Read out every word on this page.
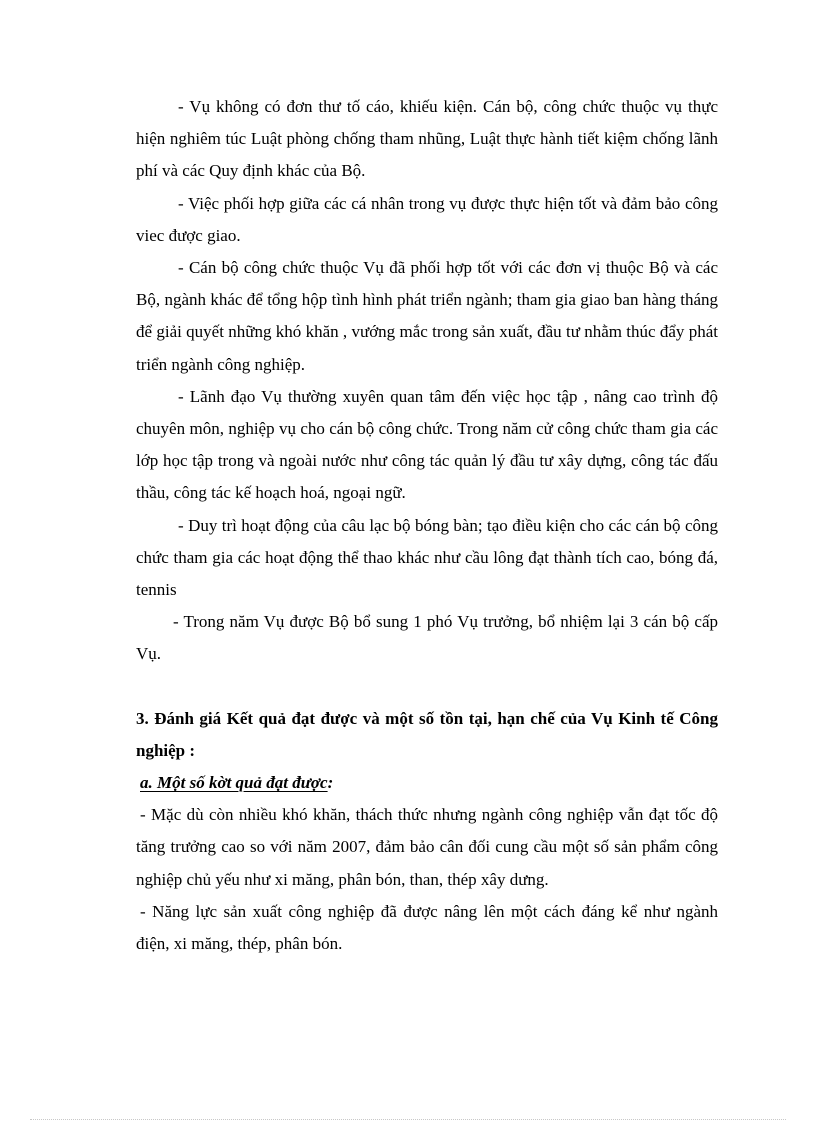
- Vụ không có đơn thư tố cáo, khiếu kiện. Cán bộ, công chức thuộc vụ thực hiện nghiêm túc Luật phòng chống tham nhũng, Luật thực hành tiết kiệm chống lãnh phí và các Quy định khác của Bộ.

- Việc phối hợp giữa các cá nhân trong vụ được thực hiện tốt và đảm bảo công viec được giao.

- Cán bộ công chức thuộc Vụ đã phối hợp tốt với các đơn vị thuộc Bộ và các Bộ, ngành khác để tổng hộp tình hình phát triển ngành; tham gia giao ban hàng tháng để giải quyết những khó khăn , vướng mắc trong sản xuất, đầu tư nhằm thúc đẩy phát triển ngành công nghiệp.

- Lãnh đạo Vụ thường xuyên quan tâm đến việc học tập , nâng cao trình độ chuyên môn, nghiệp vụ cho cán bộ công chức. Trong năm cử công chức tham gia các lớp học tập trong và ngoài nước như công tác quản lý đầu tư xây dựng, công tác đấu thầu, công tác kế hoạch hoá, ngoại ngữ.

- Duy trì hoạt động của câu lạc bộ bóng bàn; tạo điều kiện cho các cán bộ công chức tham gia các hoạt động thể thao khác như cầu lông đạt thành tích cao, bóng đá, tennis

- Trong năm Vụ được Bộ bổ sung 1 phó Vụ trưởng, bổ nhiệm lại 3 cán bộ cấp Vụ.

3. Đánh giá Kết quả đạt được và một số tồn tại, hạn chế của Vụ Kinh tế Công nghiệp :

a. Một số kờt quả đạt được:

- Mặc dù còn nhiều khó khăn, thách thức nhưng ngành công nghiệp vẫn đạt tốc độ tăng trưởng cao so với năm 2007, đảm bảo cân đối cung cầu một số sản phẩm công nghiệp chủ yếu như xi măng, phân bón, than, thép xây dưng.

- Năng lực sản xuất công nghiệp đã được nâng lên một cách đáng kể như ngành điện, xi măng, thép, phân bón.
